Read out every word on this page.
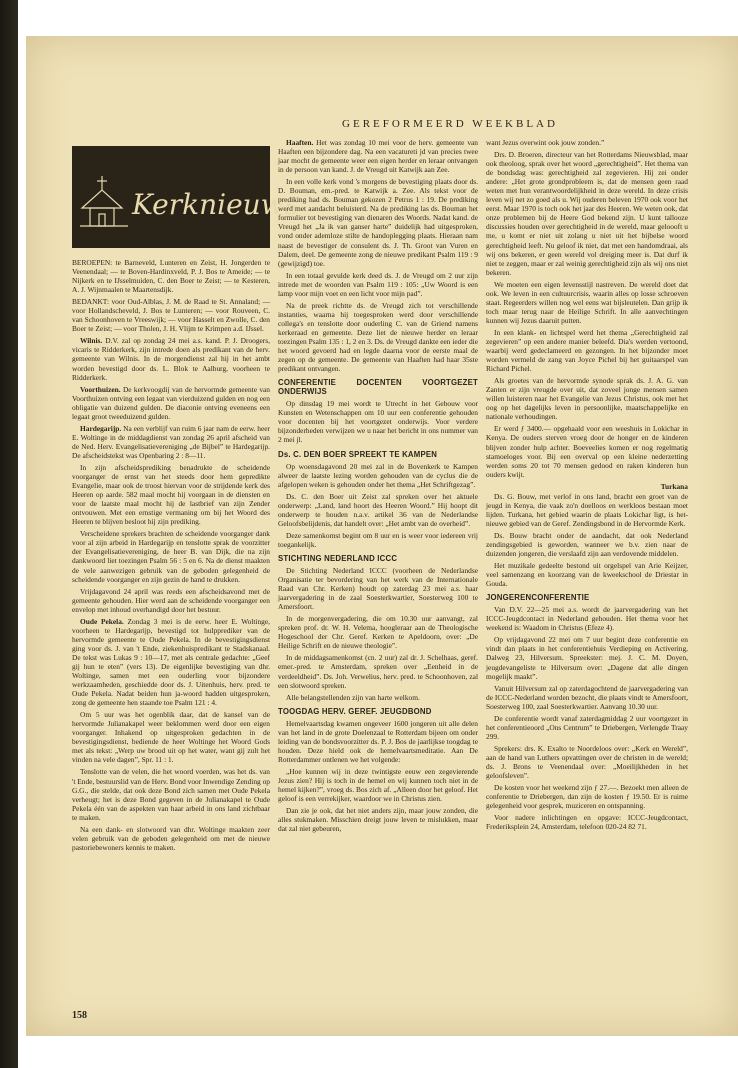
GEREFORMEERD WEEKBLAD
Kerknieuws

BEROEPEN: te Barneveld, Lunteren en Zeist, H. Jongerden te Veenendaal; — te Boven-Hardinxveld, P. J. Bos te Ameide; — te Nijkerk en te IJsselmuiden, C. den Boer te Zeist; — te Kesteren, A. J. Wijnmaalen te Maartensdijk.

BEDANKT: voor Oud-Alblas, J. M. de Raad te St. Annaland; — voor Hollandscheveld, J. Bos te Lunteren; — voor Rouveen, C. van Schoonhoven te Vreeswijk; — voor Hasselt en Zwolle, C. den Boer te Zeist; — voor Tholen, J. H. Vlijm te Krimpen a.d. IJssel.

Wilnis. D.V. zal op zondag 24 mei a.s. kand. P. J. Droogers, vicaris te Ridderkerk, zijn intrede doen als predikant van de herv. gemeente van Wilnis. In de morgendienst zal hij in het ambt worden bevestigd door ds. L. Blok te Aalburg, voorheen te Ridderkerk.

Voorthuizen. De kerkvoogdij van de hervormde gemeente van Voorthuizen ontving een legaat van vierduizend gulden en nog een obligatie van duizend gulden. De diaconie ontving eveneens een legaat groot tweeduizend gulden.

Hardegarijp. Na een verblijf van ruim 6 jaar nam de eerw. heer E. Woltinge in de middagdienst van zondag 26 april afscheid van de Ned. Herv. Evangelisatievereniging „de Bijbel” te Hardegarijp. De afscheidstekst was Openbaring 2 : 8—11.

In zijn afscheidsprediking benadrukte de scheidende voorganger de ernst van het steeds door hem gepredikte Evangelie, maar ook de troost hiervan voor de strijdende kerk des Heeren op aarde. 582 maal mocht hij voorgaan in de diensten en voor de laatste maal mocht hij de lastbrief van zijn Zender ontvouwen. Met een ernstige vermaning om bij het Woord des Heeren te blijven besloot hij zijn prediking.

Verscheidene sprekers brachten de scheidende voorganger dank voor al zijn arbeid in Hardegarijp en tenslotte sprak de voorzitter der Evangelisatievereniging, de heer B. van Dijk, die na zijn dankwoord liet toezingen Psalm 56 : 5 en 6. Na de dienst maakten de vele aanwezigen gebruik van de geboden gelegenheid de scheidende voorganger en zijn gezin de hand te drukken.

Vrijdagavond 24 april was reeds een afscheidsavond met de gemeente gehouden. Hier werd aan de scheidende voorganger een envelop met inhoud overhandigd door het bestuur.

Oude Pekela. Zondag 3 mei is de eerw. heer E. Woltinge, voorheen te Hardegarijp, bevestigd tot hulpprediker van de hervormde gemeente te Oude Pekela. In de bevestigingsdienst ging voor ds. J. van 't Ende, ziekenhuispredikant te Stadskanaal. De tekst was Lukas 9 : 10—17, met als centrale gedachte: „Geef gij hun te eten” (vers 13). De eigenlijke bevestiging van dhr. Woltinge, samen met een ouderling voor bijzondere werkzaamheden, geschiedde door ds. J. Uitenhuis, herv. pred. te Oude Pekela. Nadat beiden hun ja-woord hadden uitgesproken, zong de gemeente hen staande toe Psalm 121 : 4.

Om 5 uur was het ogenblik daar, dat de kansel van de hervormde Julianakapel weer beklommen werd door een eigen voorganger. Inhakend op uitgesproken gedachten in de bevestigingsdienst, bediende de heer Woltinge het Woord Gods met als tekst: „Werp uw brood uit op het water, want gij zult het vinden na vele dagen”, Spr. 11 : 1.

Tenslotte van de velen, die het woord voerden, was het ds. van 't Ende, bestuurslid van de Herv. Bond voor Inwendige Zending op G.G., die stelde, dat ook deze Bond zich samen met Oude Pekela verheugt; het is deze Bond gegeven in de Julianakapel te Oude Pekela één van de aspekten van haar arbeid in ons land zichtbaar te maken.

Na een dank- en slotwoord van dhr. Woltinge maakten zeer velen gebruik van de geboden gelegenheid om met de nieuwe pastoriebewoners kennis te maken.

Haaften. Het was zondag 10 mei voor de herv. gemeente van Haaften een bijzondere dag. Na een vacatureti jd van precies twee jaar mocht de gemeente weer een eigen herder en leraar ontvangen in de persoon van kand. J. de Vreugd uit Katwijk aan Zee.

In een volle kerk vond 's morgens de bevestiging plaats door ds. D. Bouman, em.-pred. te Katwijk a. Zee. Als tekst voor de prediking had ds. Bouman gekozen 2 Petrus 1 : 19. De prediking werd met aandacht beluisterd. Na de prediking las ds. Bouman het formulier tot bevestiging van dienaren des Woords. Nadat kand. de Vreugd het „Ja ik van ganser harte” duidelijk had uitgesproken, vond onder ademloze stilte de handoplegging plaats. Hieraan nam naast de bevestiger de consulent ds. J. Th. Groot van Vuren en Dalem, deel. De gemeente zong de nieuwe predikant Psalm 119 : 9 (gewijzigd) toe.

In een totaal gevulde kerk deed ds. J. de Vreugd om 2 uur zijn intrede met de woorden van Psalm 119 : 105: „Uw Woord is een lamp voor mijn voet en een licht voor mijn pad”.

Na de preek richtte ds. de Vreugd zich tot verschillende instanties, waarna hij toegesproken werd door verschillende collega's en tenslotte door ouderling C. van de Griend namens kerkeraad en gemeente. Deze liet de nieuwe herder en leraar toezingen Psalm 135 : 1, 2 en 3. Ds. de Vreugd dankte een ieder die het woord gevoerd had en legde daarna voor de eerste maal de zegen op de gemeente. De gemeente van Haaften had haar 35ste predikant ontvangen.

CONFERENTIE DOCENTEN VOORTGEZET ONDERWIJS

Op dinsdag 19 mei wordt te Utrecht in het Gebouw voor Kunsten en Wetenschappen om 10 uur een conferentie gehouden voor docenten bij het voortgezet onderwijs. Voor verdere bijzonderheden verwijzen we u naar het bericht in ons nummer van 2 mei jl.

Ds. C. DEN BOER SPREEKT TE KAMPEN

Op woensdagavond 20 mei zal in de Bovenkerk te Kampen alweer de laatste lezing worden gehouden van de cyclus die de afgelopen weken is gehouden onder het thema „Het Schriftgezag”.

Ds. C. den Boer uit Zeist zal spreken over het aktuele onderwerp: „Land, land hoort des Heeren Woord.” Hij hoopt dit onderwerp te houden n.a.v. artikel 36 van de Nederlandse Geloofsbelijdenis, dat handelt over: „Het ambt van de overheid”.

Deze samenkomst begint om 8 uur en is weer voor iedereen vrij toegankelijk.

STICHTING NEDERLAND ICCC

De Stichting Nederland ICCC (voorheen de Nederlandse Organisatie ter bevordering van het werk van de Internationale Raad van Chr. Kerken) houdt op zaterdag 23 mei a.s. haar jaarvergadering in de zaal Soesterkwartier, Soesterweg 100 te Amersfoort.

In de morgenvergadering, die om 10.30 uur aanvangt, zal spreken prof. dr. W. H. Velema, hoogleraar aan de Theologische Hogeschool der Chr. Geref. Kerken te Apeldoorn, over: „De Heilige Schrift en de nieuwe theologie”.

In de middagsamenkomst (cn. 2 uur) zal dr. J. Schelhaas, geref. emer.-pred. te Amsterdam, spreken over „Eenheid in de verdeeldheid”. Ds. Joh. Verwelius, herv. pred. te Schoonhoven, zal een slotwoord spreken.

Alle belangstellenden zijn van harte welkom.

TOOGDAG HERV. GEREF. JEUGDBOND

Hemelvaartsdag kwamen ongeveer 1600 jongeren uit alle delen van het land in de grote Doelenzaal te Rotterdam bijeen om onder leiding van de bondsvoorzitter ds. P. J. Bos de jaarlijkse toogdag te houden. Deze hield ook de hemelvaartsmeditatie. Aan De Rotterdammer ontlenen we het volgende:

„Hoe kunnen wij in deze twintigste eeuw een zegevierende Jezus zien? Hij is toch in de hemel en wij kunnen toch niet in de hemel kijken?”, vroeg ds. Bos zich af. „Alleen door het geloof. Het geloof is een verrekijker, waardoor we in Christus zien.

Dan zie je ook, dat het niet anders zijn, maar jouw zonden, die alles stukmaken. Misschien dreigt jouw leven te mislukken, maar dat zal niet gebeuren,

want Jezus overwint ook jouw zonden.”

Drs. D. Broeren, directeur van het Rotterdams Nieuwsblad, maar ook theoloog, sprak over het woord „gerechtigheid”. Het thema van de bondsdag was: gerechtigheid zal zegevieren. Hij zei onder andere: „Het grote grondprobleem is, dat de mensen geen raad weten met hun verantwoordelijkheid in deze wereld. In deze crisis leven wij net zo goed als u. Wij ouderen beleven 1970 ook voor het eerst. Maar 1970 is toch ook het jaar des Heeren. We weten ook, dat onze problemen bij de Heere God bekend zijn. U kunt tallooze discussies houden over gerechtigheid in de wereld, maar geloooft u me, u komt er niet uit zolang u niet uit het bijbelse woord gerechtigheid leeft. Nu geloof ik niet, dat met een handomdraai, als wij ons bekeren, er geen wereld vol dreiging meer is. Dat durf ik niet te zeggen, maar er zal weinig gerechtigheid zijn als wij ons niet bekeren.

We moeten een eigen levensstijl nastreven. De wereld doet dat ook. We leven in een cultuurcrisis, waarin alles op losse schroeven staat. Regeerders willen nog wel eens wat bijsleutelen. Dan grijp ik toch maar terug naar de Heilige Schrift. In alle aanvechtingen kunnen wij Jezus daaruit putten.

In een klank- en lichtspel werd het thema „Gerechtigheid zal zegevieren” op een andere manier beleefd. Dia's werden vertoond, waarbij werd gedeclameerd en gezongen. In het bijzonder moet worden vermeld de zang van Joyce Pichel bij het guitaarspel van Richard Pichel.

Als groetes van de hervormde synode sprak ds. J. A. G. van Zanten er zijn vreugde over uit, dat zoveel jonge mensen samen willen luisteren naar het Evangelie van Jezus Christus, ook met het oog op het dagelijks leven in persoonlijke, maatschappelijke en nationale verhoudingen.

Er werd ƒ 3400.— opgehaald voor een weeshuis in Lokichar in Kenya. De ouders sterven vroeg door de honger en de kinderen blijven zonder hulp achter. Boeveelies komen er nog regelmatig stamoeloges voor. Bij een overval op een kleine nederzetting werden soms 20 tot 70 mensen gedood en raken kinderen hun ouders kwijt.

Turkana

Ds. G. Bouw, met verlof in ons land, bracht een groet van de jeugd in Kenya, die vaak zo'n doelloos en werkloos bestaan moet lijden. Turkana, het gebied waarin de plaats Lokichar ligt, is het-nieuwe gebied van de Geref. Zendingsbond in de Hervormde Kerk.

Ds. Bouw bracht onder de aandacht, dat ook Nederland zendingsgebied is geworden, wanneer we b.v. zien naar de duizenden jongeren, die verslaafd zijn aan verdovende middelen.

Het muzikale gedeelte bestond uit orgelspel van Arie Keijzer, veel samenzang en koorzang van de kweekschool de Driestar in Gouda.

JONGERENCONFERENTIE

Van D.V. 22—25 mei a.s. wordt de jaarvergadering van het ICCC-Jeugdcontact in Nederland gehouden. Het thema voor het weekend is: Waadom in Christus (Efeze 4).

Op vrijdagavond 22 mei om 7 uur begint deze conferentie en vindt dan plaats in het conferentiehuis Verdieping en Activering, Dalweg 23, Hilversum. Spreekster: mej. J. C. M. Doyen, jeugdevangeliste te Hilversum over: „Dagene dat alle dingen mogelijk maakt”.

Vanuit Hilversum zal op zaterdagochtend de jaarvergadering van de ICCC-Nederland worden bezocht, die plaats vindt te Amersfoort, Soesterweg 100, zaal Soesterkwartier. Aanvang 10.30 uur.

De conferentie wordt vanaf zaterdagmiddag 2 uur voortgezet in het conferentieoord „Ons Centrum” te Driebergen, Verlengde Traay 299.

Sprekers: drs. K. Exalto te Noordeloos over: „Kerk en Wereld”, aan de hand van Luthers opvattingen over de christen in de wereld; ds. J. Brons te Veenendaal over: „Moeilijkheden in het geloofsleven”.

De kosten voor het weekend zijn ƒ 27.—. Bezoekt men alleen de conferentie te Driebergen, dan zijn de kosten ƒ 19.50. Er is ruime gelegenheid voor gesprek, muziceren en ontspanning.

Voor nadere inlichtingen en opgave: ICCC-Jeugdcontact, Frederiksplein 24, Amsterdam, telefoon 020-24 82 71.

158
